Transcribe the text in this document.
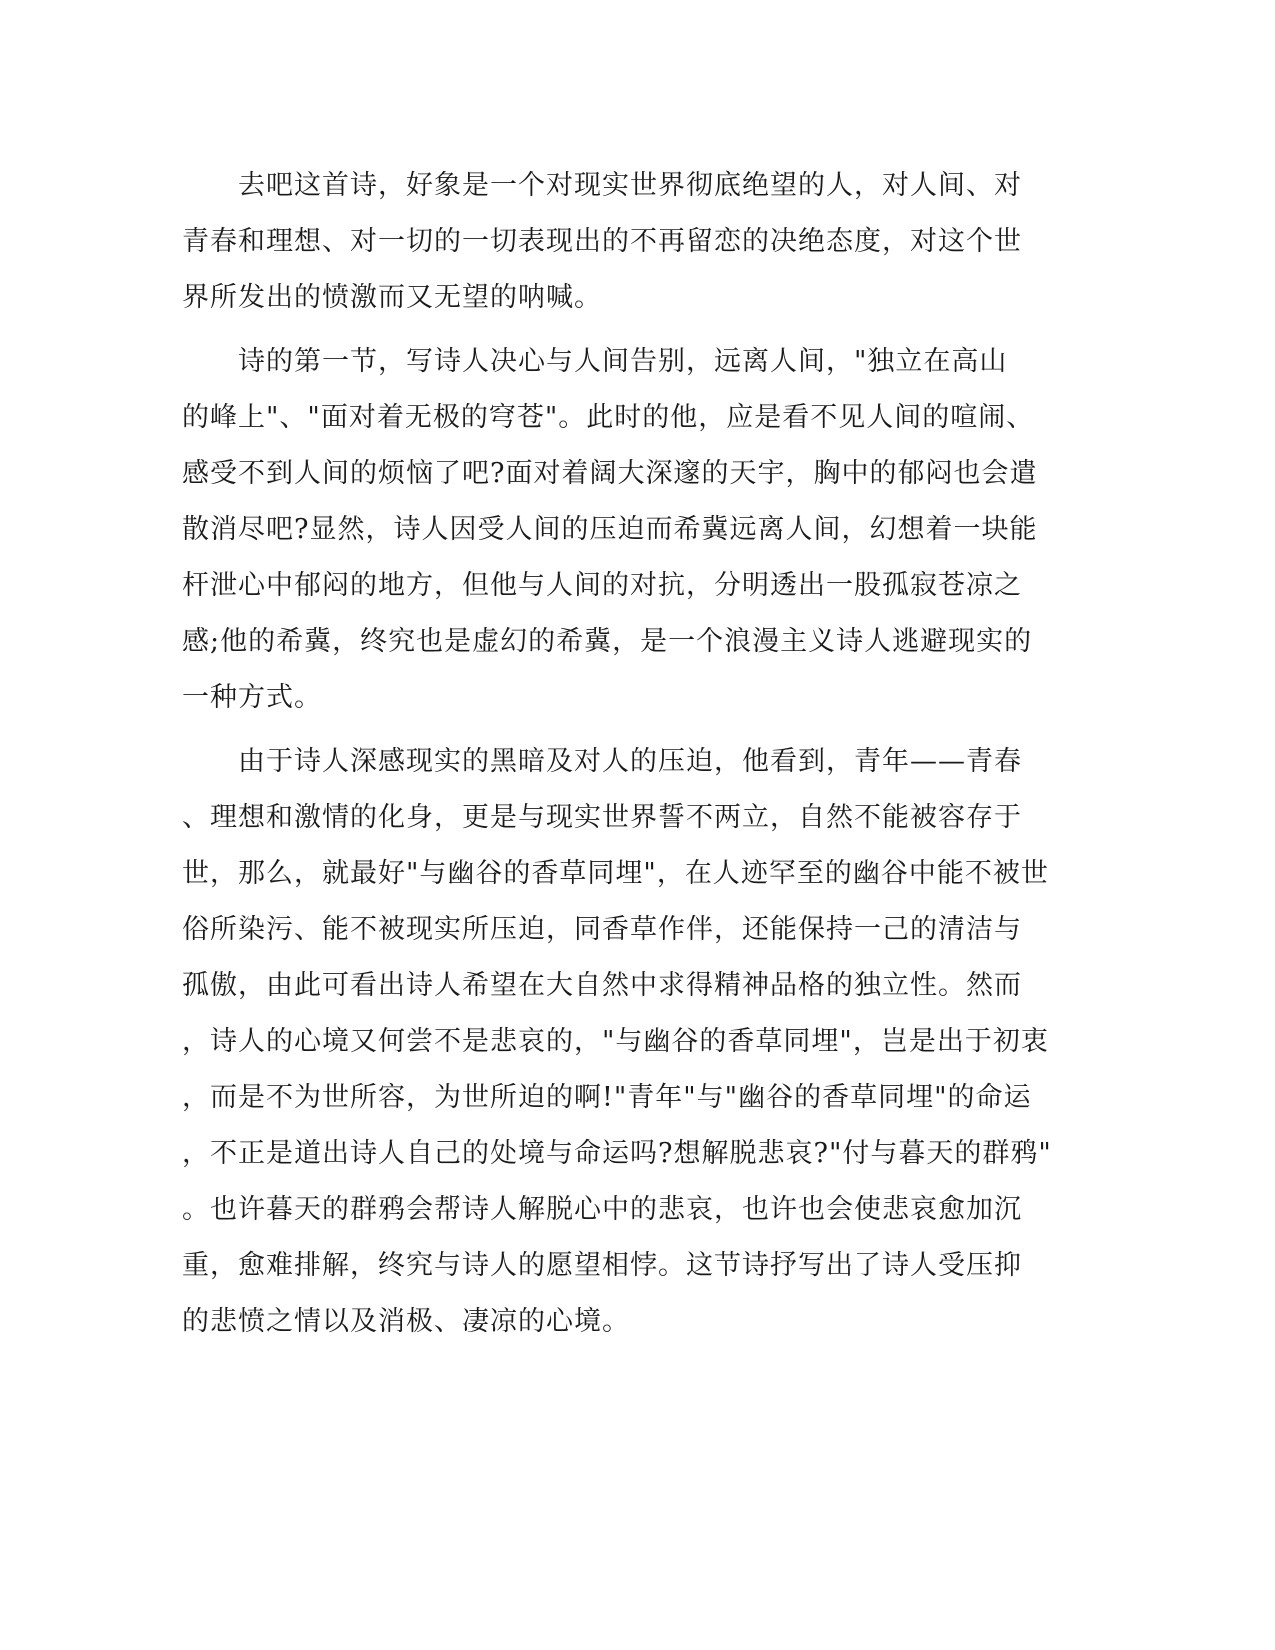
　　去吧这首诗，好象是一个对现实世界彻底绝望的人，对人间、对
青春和理想、对一切的一切表现出的不再留恋的决绝态度，对这个世
界所发出的愤激而又无望的呐喊。
　　诗的第一节，写诗人决心与人间告别，远离人间，"独立在高山
的峰上"、"面对着无极的穹苍"。此时的他，应是看不见人间的喧闹、
感受不到人间的烦恼了吧?面对着阔大深邃的天宇，胸中的郁闷也会遣
散消尽吧?显然，诗人因受人间的压迫而希冀远离人间，幻想着一块能
杆泄心中郁闷的地方，但他与人间的对抗，分明透出一股孤寂苍凉之
感;他的希冀，终究也是虚幻的希冀，是一个浪漫主义诗人逃避现实的
一种方式。
　　由于诗人深感现实的黑暗及对人的压迫，他看到，青年——青春
、理想和激情的化身，更是与现实世界誓不两立，自然不能被容存于
世，那么，就最好"与幽谷的香草同埋"，在人迹罕至的幽谷中能不被世
俗所染污、能不被现实所压迫，同香草作伴，还能保持一己的清洁与
孤傲，由此可看出诗人希望在大自然中求得精神品格的独立性。然而
，诗人的心境又何尝不是悲哀的，"与幽谷的香草同埋"，岂是出于初衷
，而是不为世所容，为世所迫的啊!"青年"与"幽谷的香草同埋"的命运
，不正是道出诗人自己的处境与命运吗?想解脱悲哀?"付与暮天的群鸦"
。也许暮天的群鸦会帮诗人解脱心中的悲哀，也许也会使悲哀愈加沉
重，愈难排解，终究与诗人的愿望相悖。这节诗抒写出了诗人受压抑
的悲愤之情以及消极、凄凉的心境。
